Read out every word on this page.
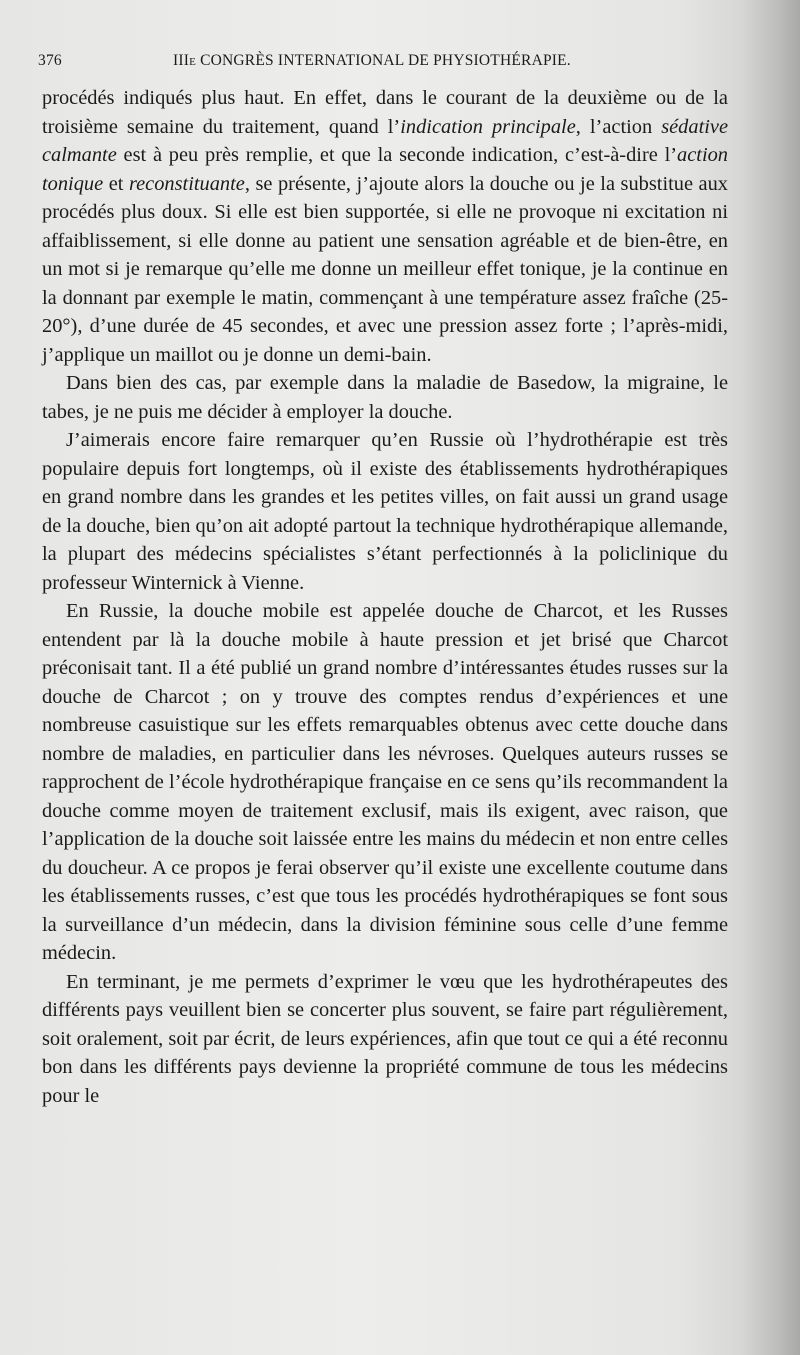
376	IIIe CONGRÈS INTERNATIONAL DE PHYSIOTHÉRAPIE.

procédés indiqués plus haut. En effet, dans le courant de la deuxième ou de la troisième semaine du traitement, quand l’indication principale, l’action sédative calmante est à peu près remplie, et que la seconde indication, c’est-à-dire l’action tonique et reconstituante, se présente, j’ajoute alors la douche ou je la substitue aux procédés plus doux. Si elle est bien supportée, si elle ne provoque ni excitation ni affaiblissement, si elle donne au patient une sensation agréable et de bien-être, en un mot si je remarque qu’elle me donne un meilleur effet tonique, je la continue en la donnant par exemple le matin, commençant à une température assez fraîche (25-20°), d’une durée de 45 secondes, et avec une pression assez forte ; l’après-midi, j’applique un maillot ou je donne un demi-bain.

Dans bien des cas, par exemple dans la maladie de Basedow, la migraine, le tabes, je ne puis me décider à employer la douche.

J’aimerais encore faire remarquer qu’en Russie où l’hydrothérapie est très populaire depuis fort longtemps, où il existe des établissements hydrothérapiques en grand nombre dans les grandes et les petites villes, on fait aussi un grand usage de la douche, bien qu’on ait adopté partout la technique hydrothérapique allemande, la plupart des médecins spécialistes s’étant perfectionnés à la policlinique du professeur Winternick à Vienne.

En Russie, la douche mobile est appelée douche de Charcot, et les Russes entendent par là la douche mobile à haute pression et jet brisé que Charcot préconisait tant. Il a été publié un grand nombre d’intéressantes études russes sur la douche de Charcot ; on y trouve des comptes rendus d’expériences et une nombreuse casuistique sur les effets remarquables obtenus avec cette douche dans nombre de maladies, en particulier dans les névroses. Quelques auteurs russes se rapprochent de l’école hydrothérapique française en ce sens qu’ils recommandent la douche comme moyen de traitement exclusif, mais ils exigent, avec raison, que l’application de la douche soit laissée entre les mains du médecin et non entre celles du doucheur. A ce propos je ferai observer qu’il existe une excellente coutume dans les établissements russes, c’est que tous les procédés hydrothérapiques se font sous la surveillance d’un médecin, dans la division féminine sous celle d’une femme médecin.

En terminant, je me permets d’exprimer le vœu que les hydrothérapeutes des différents pays veuillent bien se concerter plus souvent, se faire part régulièrement, soit oralement, soit par écrit, de leurs expériences, afin que tout ce qui a été reconnu bon dans les différents pays devienne la propriété commune de tous les médecins pour le
